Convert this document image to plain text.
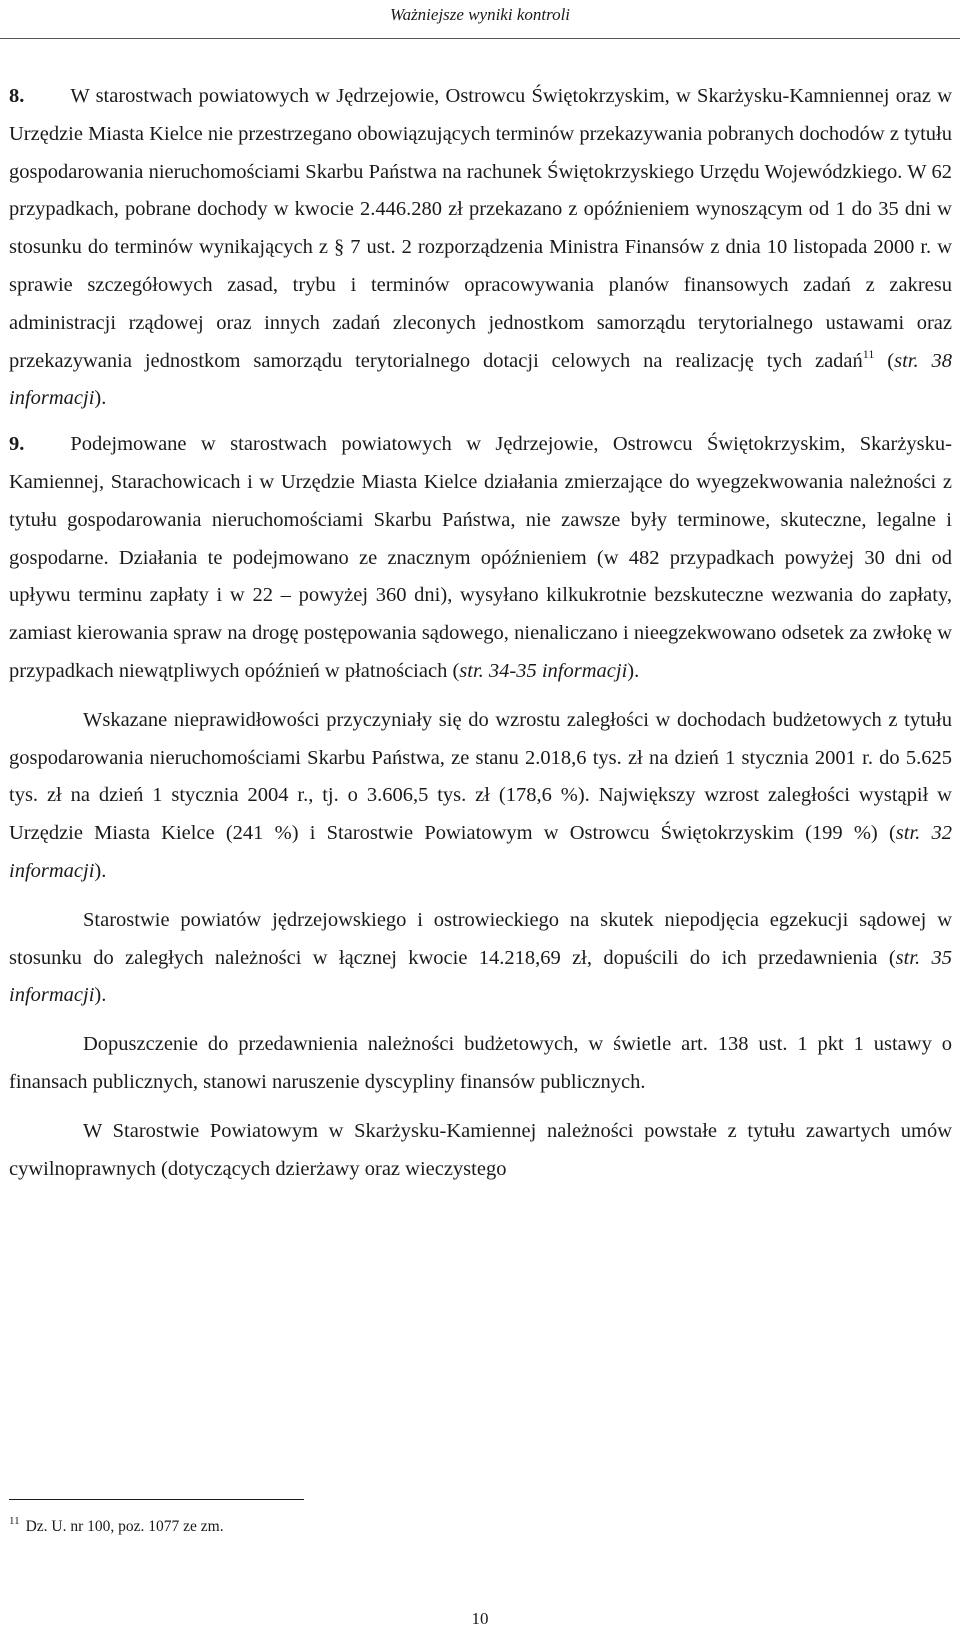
Ważniejsze wyniki kontroli

8. W starostwach powiatowych w Jędrzejowie, Ostrowcu Świętokrzyskim, w Skarżysku-Kamniennej oraz w Urzędzie Miasta Kielce nie przestrzegano obowiązujących terminów przekazywania pobranych dochodów z tytułu gospodarowania nieruchomościami Skarbu Państwa na rachunek Świętokrzyskiego Urzędu Wojewódzkiego. W 62 przypadkach, pobrane dochody w kwocie 2.446.280 zł przekazano z opóźnieniem wynoszącym od 1 do 35 dni w stosunku do terminów wynikających z § 7 ust. 2 rozporządzenia Ministra Finansów z dnia 10 listopada 2000 r. w sprawie szczegółowych zasad, trybu i terminów opracowywania planów finansowych zadań z zakresu administracji rządowej oraz innych zadań zleconych jednostkom samorządu terytorialnego ustawami oraz przekazywania jednostkom samorządu terytorialnego dotacji celowych na realizację tych zadań$^{11}$ (str. 38 informacji).

9. Podejmowane w starostwach powiatowych w Jędrzejowie, Ostrowcu Świętokrzyskim, Skarżysku-Kamiennej, Starachowicach i w Urzędzie Miasta Kielce działania zmierzające do wyegzekwowania należności z tytułu gospodarowania nieruchomościami Skarbu Państwa, nie zawsze były terminowe, skuteczne, legalne i gospodarne. Działania te podejmowano ze znacznym opóźnieniem (w 482 przypadkach powyżej 30 dni od upływu terminu zapłaty i w 22 – powyżej 360 dni), wysyłano kilkukrotnie bezskuteczne wezwania do zapłaty, zamiast kierowania spraw na drogę postępowania sądowego, nienaliczano i nieegzekwowano odsetek za zwłokę w przypadkach niewątpliwych opóźnień w płatnościach (str. 34-35 informacji).

Wskazane nieprawidłowości przyczyniały się do wzrostu zaległości w dochodach budżetowych z tytułu gospodarowania nieruchomościami Skarbu Państwa, ze stanu 2.018,6 tys. zł na dzień 1 stycznia 2001 r. do 5.625 tys. zł na dzień 1 stycznia 2004 r., tj. o 3.606,5 tys. zł (178,6 %). Największy wzrost zaległości wystąpił w Urzędzie Miasta Kielce (241 %) i Starostwie Powiatowym w Ostrowcu Świętokrzyskim (199 %) (str. 32 informacji).

Starostwie powiatów jędrzejowskiego i ostrowieckiego na skutek niepodjęcia egzekucji sądowej w stosunku do zaległych należności w łącznej kwocie 14.218,69 zł, dopuścili do ich przedawnienia (str. 35 informacji).

Dopuszczenie do przedawnienia należności budżetowych, w świetle art. 138 ust. 1 pkt 1 ustawy o finansach publicznych, stanowi naruszenie dyscypliny finansów publicznych.

W Starostwie Powiatowym w Skarżysku-Kamiennej należności powstałe z tytułu zawartych umów cywilnoprawnych (dotyczących dzierżawy oraz wieczystego

$^{11}$ Dz. U. nr 100, poz. 1077 ze zm.
10
